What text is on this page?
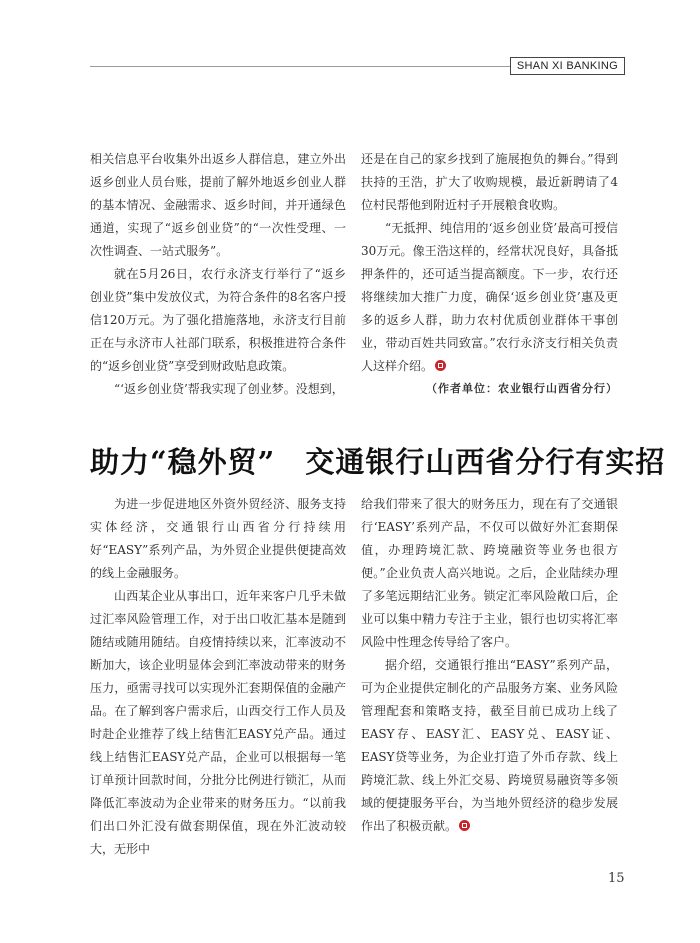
SHAN XI BANKING

相关信息平台收集外出返乡人群信息，建立外出返乡创业人员台账，提前了解外地返乡创业人群的基本情况、金融需求、返乡时间，并开通绿色通道，实现了“返乡创业贷”的“一次性受理、一次性调查、一站式服务”。

就在5月26日，农行永济支行举行了“返乡创业贷”集中发放仪式，为符合条件的8名客户授信120万元。为了强化措施落地，永济支行目前正在与永济市人社部门联系，积极推进符合条件的“返乡创业贷”享受到财政贴息政策。

“‘返乡创业贷’帮我实现了创业梦。没想到，

还是在自己的家乡找到了施展抱负的舞台。”得到扶持的王浩，扩大了收购规模，最近新聘请了4位村民帮他到附近村子开展粮食收购。

“无抵押、纯信用的‘返乡创业贷’最高可授信30万元。像王浩这样的，经常状况良好，具备抵押条件的，还可适当提高额度。下一步，农行还将继续加大推广力度，确保‘返乡创业贷’惠及更多的返乡人群，助力农村优质创业群体干事创业，带动百姓共同致富。”农行永济支行相关负责人这样介绍。

（作者单位：农业银行山西省分行）
助力“稳外贸” 交通银行山西省分行有实招

为进一步促进地区外资外贸经济、服务支持实体经济，交通银行山西省分行持续用好“EASY”系列产品，为外贸企业提供便捷高效的线上金融服务。

山西某企业从事出口，近年来客户几乎未做过汇率风险管理工作，对于出口收汇基本是随到随结或随用随结。自疫情持续以来，汇率波动不断加大，该企业明显体会到汇率波动带来的财务压力，亟需寻找可以实现外汇套期保值的金融产品。在了解到客户需求后，山西交行工作人员及时赴企业推荐了线上结售汇EASY兑产品。通过线上结售汇EASY兑产品，企业可以根据每一笔订单预计回款时间，分批分比例进行锁汇，从而降低汇率波动为企业带来的财务压力。“以前我们出口外汇没有做套期保值，现在外汇波动较大，无形中

给我们带来了很大的财务压力，现在有了交通银行‘EASY’系列产品，不仅可以做好外汇套期保值，办理跨境汇款、跨境融资等业务也很方便。”企业负责人高兴地说。之后，企业陆续办理了多笔远期结汇业务。锁定汇率风险敞口后，企业可以集中精力专注于主业，银行也切实将汇率风险中性理念传导给了客户。

据介绍，交通银行推出“EASY”系列产品，可为企业提供定制化的产品服务方案、业务风险管理配套和策略支持，截至目前已成功上线了EASY存、EASY汇、EASY兑、EASY证、EASY贷等业务，为企业打造了外币存款、线上跨境汇款、线上外汇交易、跨境贸易融资等多领域的便捷服务平台，为当地外贸经济的稳步发展作出了积极贡献。

15
